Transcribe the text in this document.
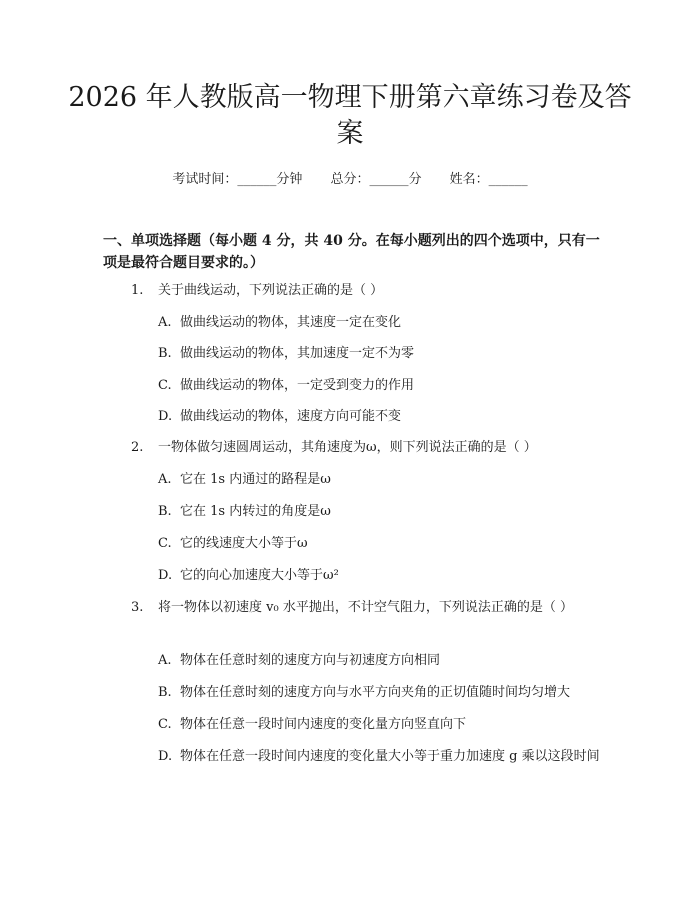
2026 年人教版高一物理下册第六章练习卷及答案
考试时间：______分钟 总分：______分 姓名：______
一、单项选择题（每小题 4 分，共 40 分。在每小题列出的四个选项中，只有一项是最符合题目要求的。）
1. 关于曲线运动，下列说法正确的是（ ）
A. 做曲线运动的物体，其速度一定在变化
B. 做曲线运动的物体，其加速度一定不为零
C. 做曲线运动的物体，一定受到变力的作用
D. 做曲线运动的物体，速度方向可能不变
2. 一物体做匀速圆周运动，其角速度为ω，则下列说法正确的是（ ）
A. 它在 1s 内通过的路程是ω
B. 它在 1s 内转过的角度是ω
C. 它的线速度大小等于ω
D. 它的向心加速度大小等于ω²
3. 将一物体以初速度 v₀ 水平抛出，不计空气阻力，下列说法正确的是（ ）
A. 物体在任意时刻的速度方向与初速度方向相同
B. 物体在任意时刻的速度方向与水平方向夹角的正切值随时间均匀增大
C. 物体在任意一段时间内速度的变化量方向竖直向下
D. 物体在任意一段时间内速度的变化量大小等于重力加速度 g 乘以这段时间
